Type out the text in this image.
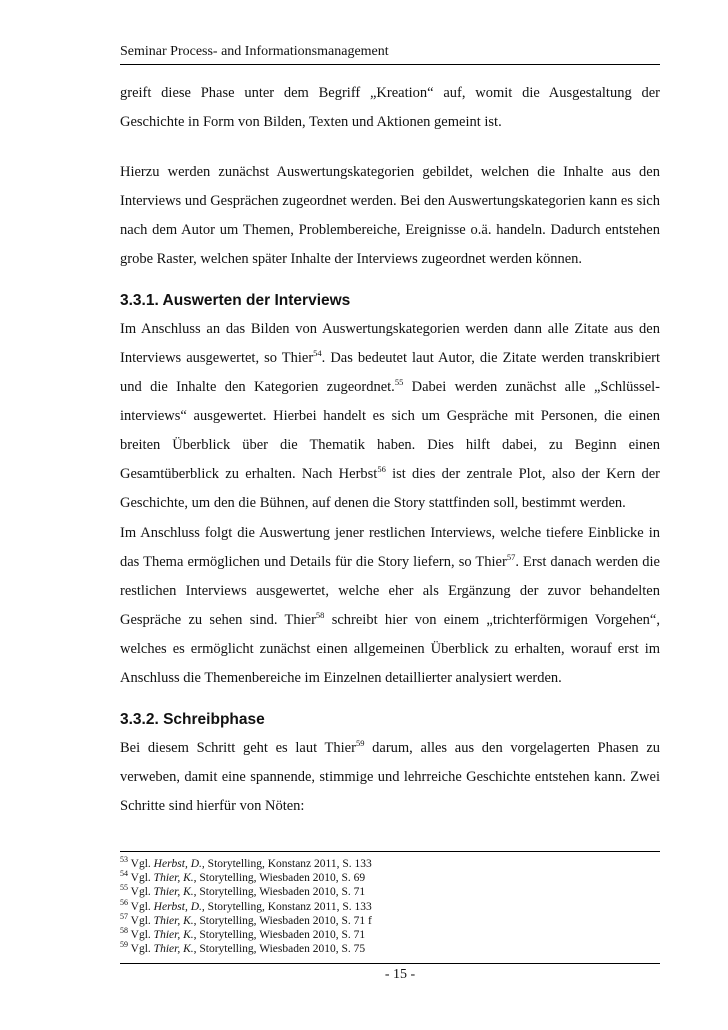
Seminar Process- and Informationsmanagement

greift diese Phase unter dem Begriff „Kreation“ auf, womit die Ausgestaltung der Geschichte in Form von Bilden, Texten und Aktionen gemeint ist.

Hierzu werden zunächst Auswertungskategorien gebildet, welchen die Inhalte aus den Interviews und Gesprächen zugeordnet werden. Bei den Auswertungskategorien kann es sich nach dem Autor um Themen, Problembereiche, Ereignisse o.ä. handeln. Dadurch entstehen grobe Raster, welchen später Inhalte der Interviews zugeordnet werden können.

3.3.1. Auswerten der Interviews

Im Anschluss an das Bilden von Auswertungskategorien werden dann alle Zitate aus den Interviews ausgewertet, so Thier$^{54}$. Das bedeutet laut Autor, die Zitate werden transkribiert und die Inhalte den Kategorien zugeordnet.$^{55}$ Dabei werden zunächst alle „Schlüssel-interviews“ ausgewertet. Hierbei handelt es sich um Gespräche mit Personen, die einen breiten Überblick über die Thematik haben. Dies hilft dabei, zu Beginn einen Gesamtüberblick zu erhalten. Nach Herbst$^{56}$ ist dies der zentrale Plot, also der Kern der Geschichte, um den die Bühnen, auf denen die Story stattfinden soll, bestimmt werden.

Im Anschluss folgt die Auswertung jener restlichen Interviews, welche tiefere Einblicke in das Thema ermöglichen und Details für die Story liefern, so Thier$^{57}$. Erst danach werden die restlichen Interviews ausgewertet, welche eher als Ergänzung der zuvor behandelten Gespräche zu sehen sind. Thier$^{58}$ schreibt hier von einem „trichterförmigen Vorgehen“, welches es ermöglicht zunächst einen allgemeinen Überblick zu erhalten, worauf erst im Anschluss die Themenbereiche im Einzelnen detaillierter analysiert werden.

3.3.2. Schreibphase

Bei diesem Schritt geht es laut Thier$^{59}$ darum, alles aus den vorgelagerten Phasen zu verweben, damit eine spannende, stimmige und lehrreiche Geschichte entstehen kann. Zwei Schritte sind hierfür von Nöten:

$^{53}$ Vgl. Herbst, D., Storytelling, Konstanz 2011, S. 133
$^{54}$ Vgl. Thier, K., Storytelling, Wiesbaden 2010, S. 69
$^{55}$ Vgl. Thier, K., Storytelling, Wiesbaden 2010, S. 71
$^{56}$ Vgl. Herbst, D., Storytelling, Konstanz 2011, S. 133
$^{57}$ Vgl. Thier, K., Storytelling, Wiesbaden 2010, S. 71 f
$^{58}$ Vgl. Thier, K., Storytelling, Wiesbaden 2010, S. 71
$^{59}$ Vgl. Thier, K., Storytelling, Wiesbaden 2010, S. 75
- 15 -
